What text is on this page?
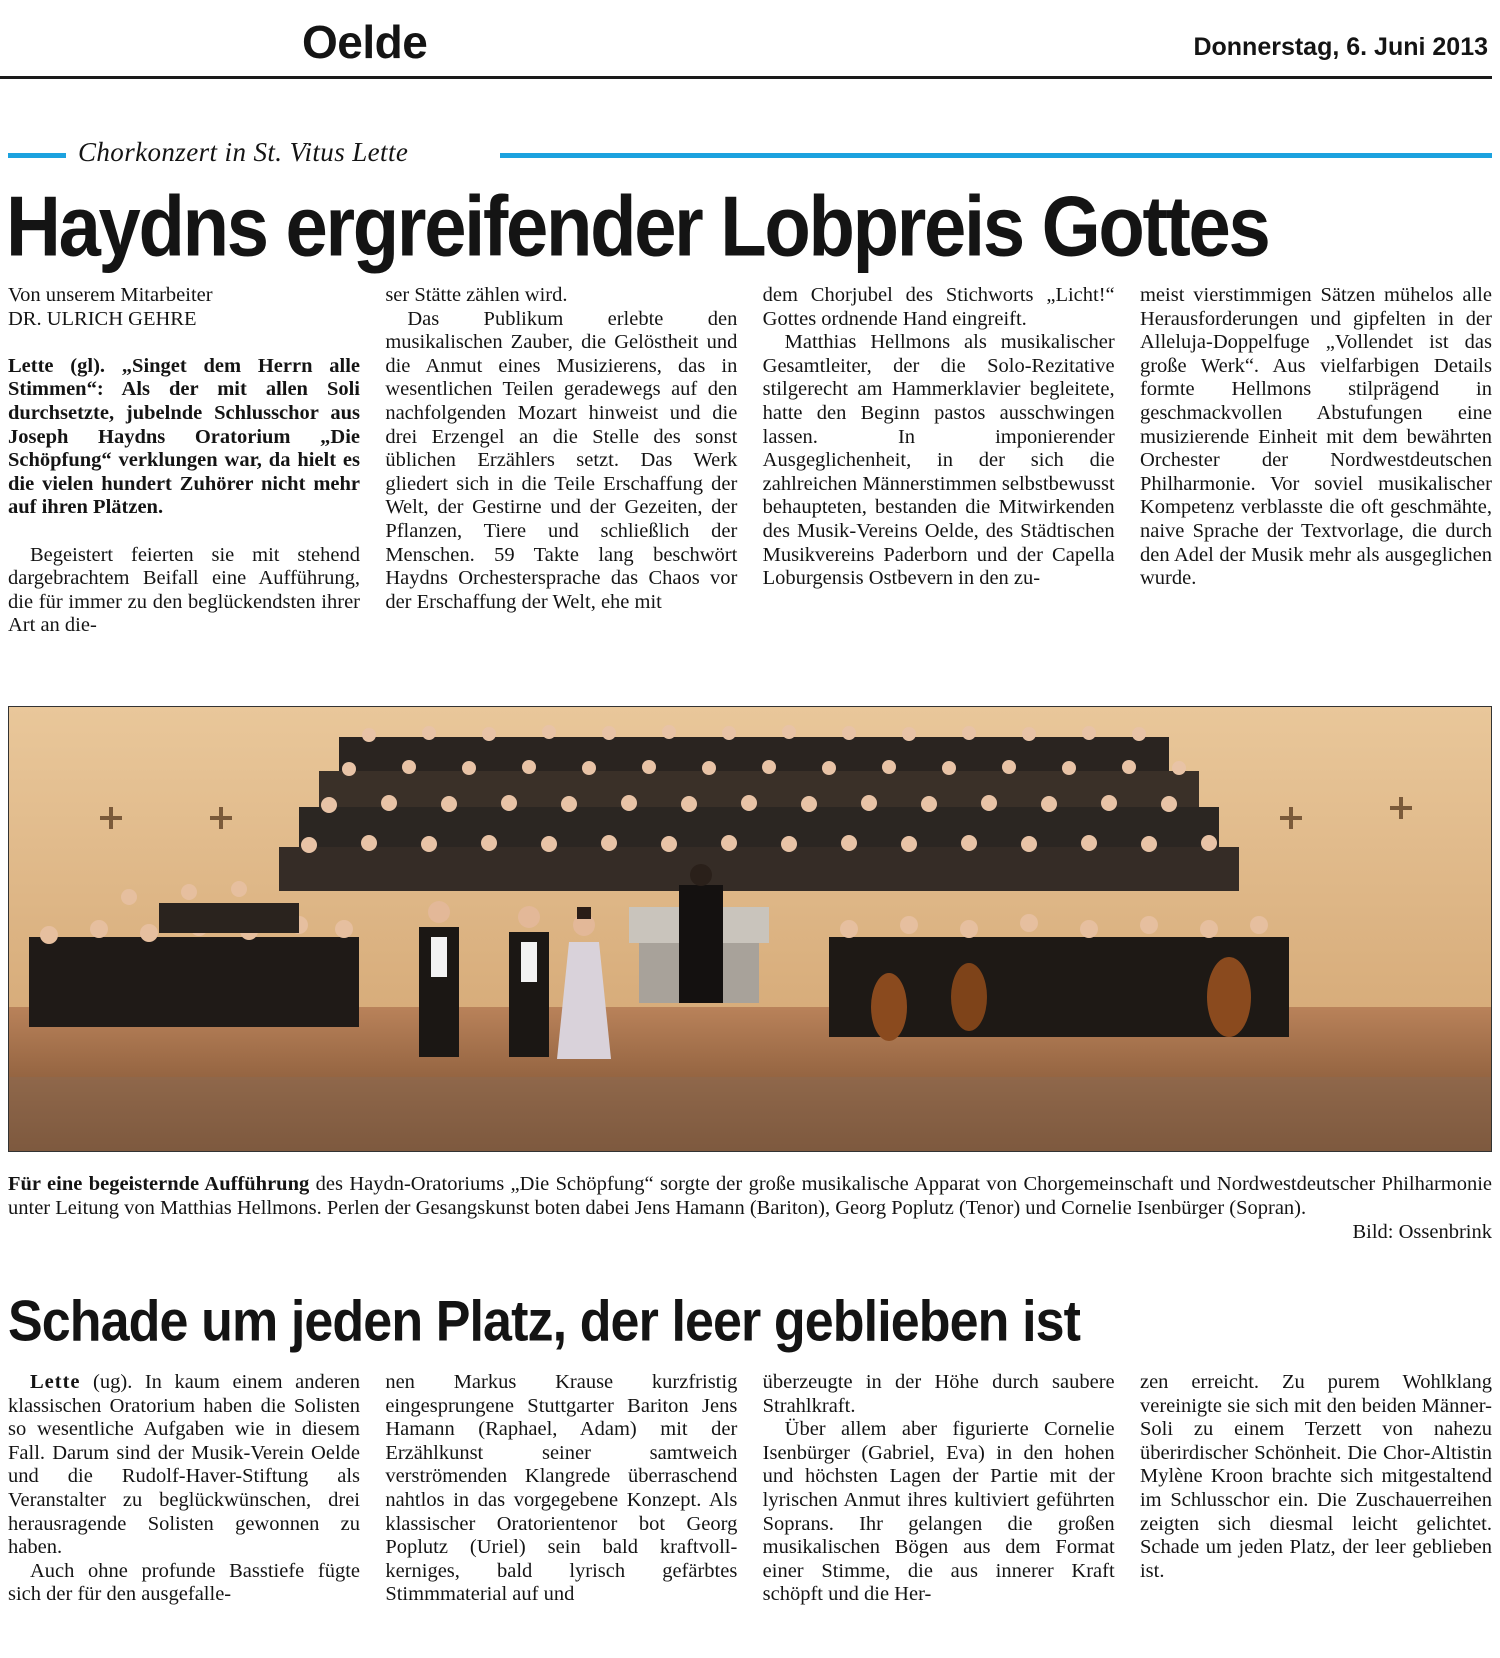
Oelde	Donnerstag, 6. Juni 2013
Chorkonzert in St. Vitus Lette
Haydns ergreifender Lobpreis Gottes

Von unserem Mitarbeiter

DR. ULRICH GEHRE

Lette (gl). „Singet dem Herrn alle Stimmen“: Als der mit allen Soli durchsetzte, jubelnde Schlusschor aus Joseph Haydns Oratorium „Die Schöpfung“ verklungen war, da hielt es die vielen hundert Zuhörer nicht mehr auf ihren Plätzen.

Begeistert feierten sie mit stehend dargebrachtem Beifall eine Aufführung, die für immer zu den beglückendsten ihrer Art an die-

ser Stätte zählen wird.

Das Publikum erlebte den musikalischen Zauber, die Gelöstheit und die Anmut eines Musizierens, das in wesentlichen Teilen geradewegs auf den nachfolgenden Mozart hinweist und die drei Erzengel an die Stelle des sonst üblichen Erzählers setzt. Das Werk gliedert sich in die Teile Erschaffung der Welt, der Gestirne und der Gezeiten, der Pflanzen, Tiere und schließlich der Menschen. 59 Takte lang beschwört Haydns Orchestersprache das Chaos vor der Erschaffung der Welt, ehe mit

dem Chorjubel des Stichworts „Licht!“ Gottes ordnende Hand eingreift.

Matthias Hellmons als musikalischer Gesamtleiter, der die Solo-Rezitative stilgerecht am Hammerklavier begleitete, hatte den Beginn pastos ausschwingen lassen. In imponierender Ausgeglichenheit, in der sich die zahlreichen Männerstimmen selbstbewusst behaupteten, bestanden die Mitwirkenden des Musik-Vereins Oelde, des Städtischen Musikvereins Paderborn und der Capella Loburgensis Ostbevern in den zu-

meist vierstimmigen Sätzen mühelos alle Herausforderungen und gipfelten in der Alleluja-Doppelfuge „Vollendet ist das große Werk“. Aus vielfarbigen Details formte Hellmons stilprägend in geschmackvollen Abstufungen eine musizierende Einheit mit dem bewährten Orchester der Nordwestdeutschen Philharmonie. Vor soviel musikalischer Kompetenz verblasste die oft geschmähte, naive Sprache der Textvorlage, die durch den Adel der Musik mehr als ausgeglichen wurde.

Für eine begeisternde Aufführung des Haydn-Oratoriums „Die Schöpfung“ sorgte der große musikalische Apparat von Chorgemeinschaft und Nordwestdeutscher Philharmonie unter Leitung von Matthias Hellmons. Perlen der Gesangskunst boten dabei Jens Hamann (Bariton), Georg Poplutz (Tenor) und Cornelie Isenbürger (Sopran).
Bild: Ossenbrink
Schade um jeden Platz, der leer geblieben ist

Lette (ug). In kaum einem anderen klassischen Oratorium haben die Solisten so wesentliche Aufgaben wie in diesem Fall. Darum sind der Musik-Verein Oelde und die Rudolf-Haver-Stiftung als Veranstalter zu beglückwünschen, drei herausragende Solisten gewonnen zu haben.

Auch ohne profunde Basstiefe fügte sich der für den ausgefalle-

nen Markus Krause kurzfristig eingesprungene Stuttgarter Bariton Jens Hamann (Raphael, Adam) mit der Erzählkunst seiner samtweich verströmenden Klangrede überraschend nahtlos in das vorgegebene Konzept. Als klassischer Oratorientenor bot Georg Poplutz (Uriel) sein bald kraftvoll-kerniges, bald lyrisch gefärbtes Stimmmaterial auf und

überzeugte in der Höhe durch saubere Strahlkraft.

Über allem aber figurierte Cornelie Isenbürger (Gabriel, Eva) in den hohen und höchsten Lagen der Partie mit der lyrischen Anmut ihres kultiviert geführten Soprans. Ihr gelangen die großen musikalischen Bögen aus dem Format einer Stimme, die aus innerer Kraft schöpft und die Her-

zen erreicht. Zu purem Wohlklang vereinigte sie sich mit den beiden Männer-Soli zu einem Terzett von nahezu überirdischer Schönheit. Die Chor-Altistin Mylène Kroon brachte sich mitgestaltend im Schlusschor ein. Die Zuschauerreihen zeigten sich diesmal leicht gelichtet. Schade um jeden Platz, der leer geblieben ist.
